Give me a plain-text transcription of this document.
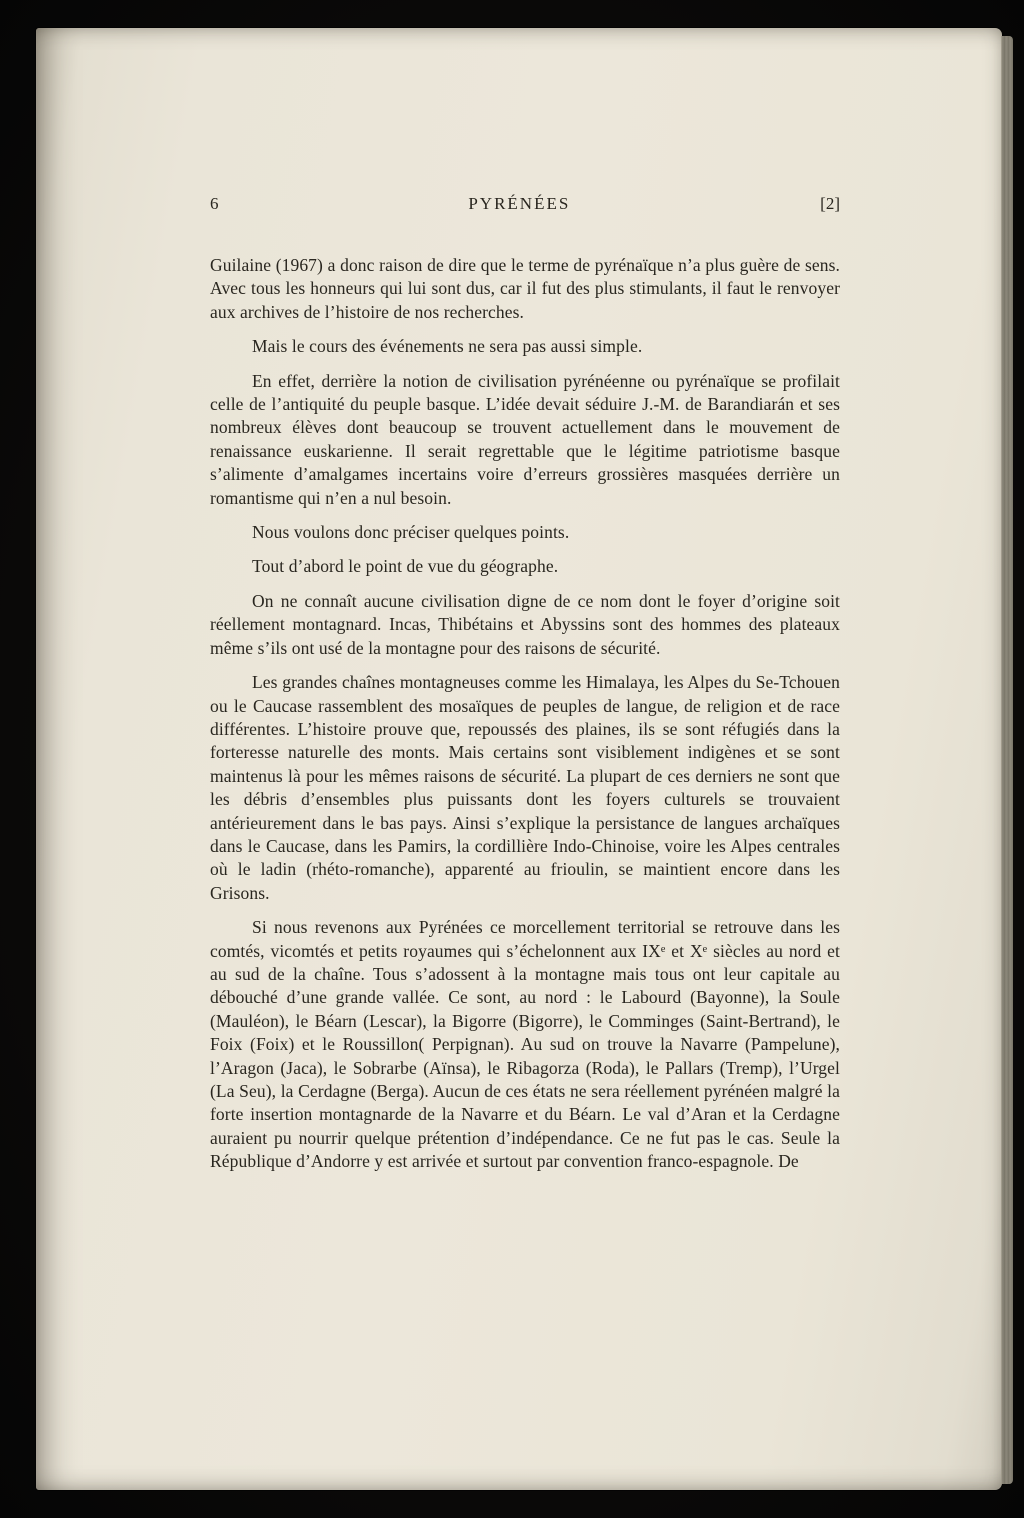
6	PYRÉNÉES	[2]

Guilaine (1967) a donc raison de dire que le terme de pyrénaïque n’a plus guère de sens. Avec tous les honneurs qui lui sont dus, car il fut des plus stimulants, il faut le renvoyer aux archives de l’histoire de nos recherches.

Mais le cours des événements ne sera pas aussi simple.

En effet, derrière la notion de civilisation pyrénéenne ou pyrénaïque se profilait celle de l’antiquité du peuple basque. L’idée devait séduire J.-M. de Barandiarán et ses nombreux élèves dont beaucoup se trouvent actuellement dans le mouvement de renaissance euskarienne. Il serait regrettable que le légitime patriotisme basque s’alimente d’amalgames incertains voire d’erreurs grossières masquées derrière un romantisme qui n’en a nul besoin.

Nous voulons donc préciser quelques points.

Tout d’abord le point de vue du géographe.

On ne connaît aucune civilisation digne de ce nom dont le foyer d’origine soit réellement montagnard. Incas, Thibétains et Abyssins sont des hommes des plateaux même s’ils ont usé de la montagne pour des raisons de sécurité.

Les grandes chaînes montagneuses comme les Himalaya, les Alpes du Se-Tchouen ou le Caucase rassemblent des mosaïques de peuples de langue, de religion et de race différentes. L’histoire prouve que, repoussés des plaines, ils se sont réfugiés dans la forteresse naturelle des monts. Mais certains sont visiblement indigènes et se sont maintenus là pour les mêmes raisons de sécurité. La plupart de ces derniers ne sont que les débris d’ensembles plus puissants dont les foyers culturels se trouvaient antérieurement dans le bas pays. Ainsi s’explique la persistance de langues archaïques dans le Caucase, dans les Pamirs, la cordillière Indo-Chinoise, voire les Alpes centrales où le ladin (rhéto-romanche), apparenté au frioulin, se maintient encore dans les Grisons.

Si nous revenons aux Pyrénées ce morcellement territorial se retrouve dans les comtés, vicomtés et petits royaumes qui s’échelonnent aux IXᵉ et Xᵉ siècles au nord et au sud de la chaîne. Tous s’adossent à la montagne mais tous ont leur capitale au débouché d’une grande vallée. Ce sont, au nord : le Labourd (Bayonne), la Soule (Mauléon), le Béarn (Lescar), la Bigorre (Bigorre), le Comminges (Saint-Bertrand), le Foix (Foix) et le Roussillon( Perpignan). Au sud on trouve la Navarre (Pampelune), l’Aragon (Jaca), le Sobrarbe (Aïnsa), le Ribagorza (Roda), le Pallars (Tremp), l’Urgel (La Seu), la Cerdagne (Berga). Aucun de ces états ne sera réellement pyrénéen malgré la forte insertion montagnarde de la Navarre et du Béarn. Le val d’Aran et la Cerdagne auraient pu nourrir quelque prétention d’indépendance. Ce ne fut pas le cas. Seule la République d’Andorre y est arrivée et surtout par convention franco-espagnole. De
